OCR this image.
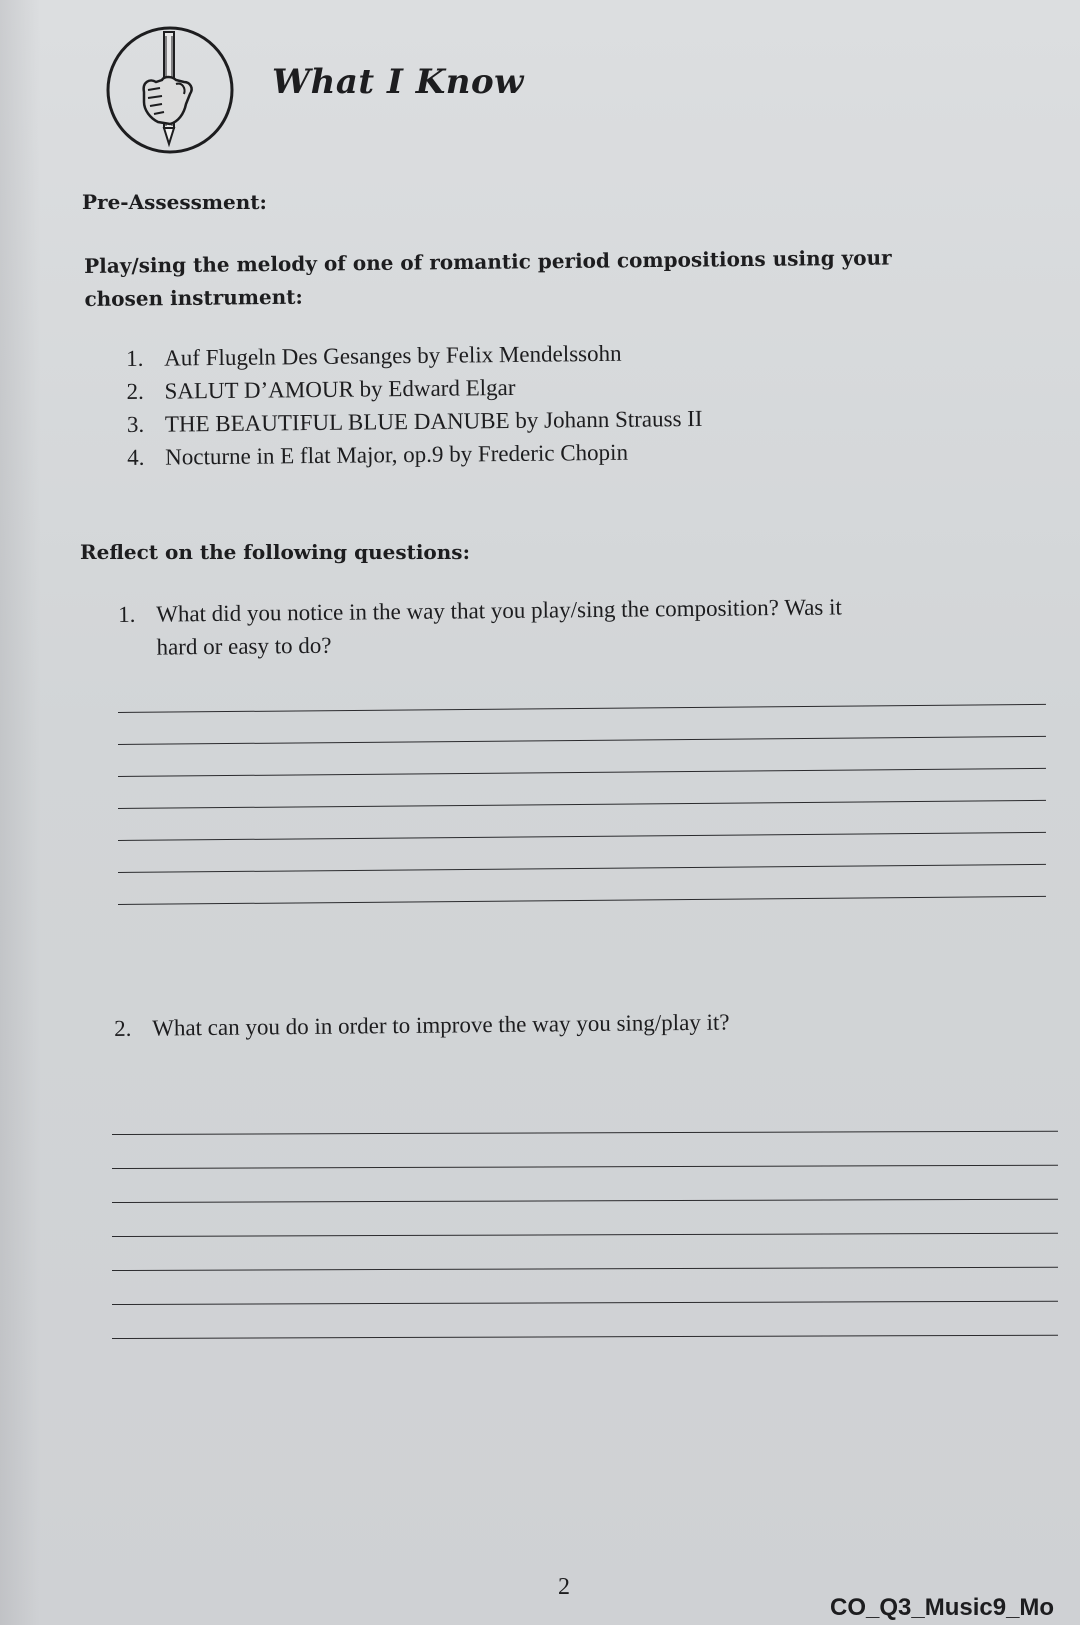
What I Know
Pre-Assessment:
Play/sing the melody of one of romantic period compositions using your
chosen instrument:
1. Auf Flugeln Des Gesanges by Felix Mendelssohn
2. SALUT D’AMOUR by Edward Elgar
3. THE BEAUTIFUL BLUE DANUBE by Johann Strauss II
4. Nocturne in E flat Major, op.9 by Frederic Chopin
Reflect on the following questions:
1. What did you notice in the way that you play/sing the composition? Was it
hard or easy to do?
2. What can you do in order to improve the way you sing/play it?
2
CO_Q3_Music9_Mo
